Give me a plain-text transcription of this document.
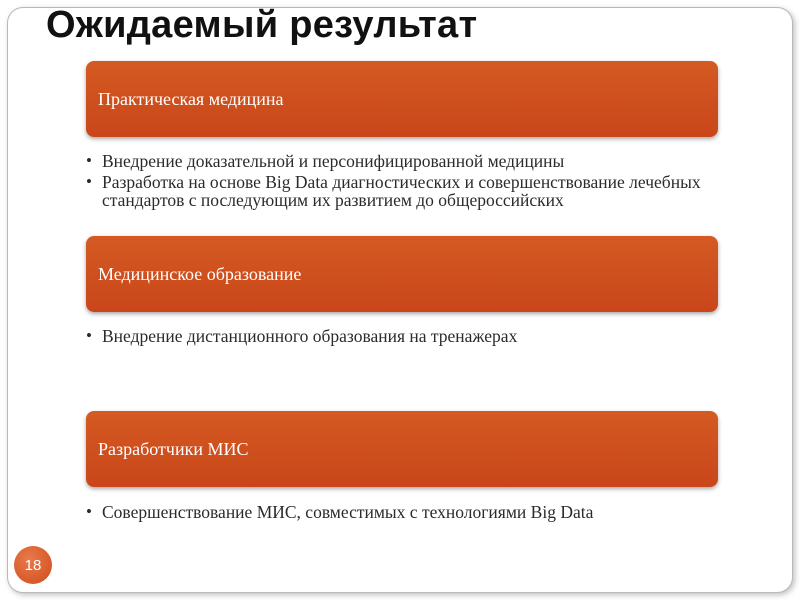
Ожидаемый результат
Практическая медицина
• Внедрение доказательной и персонифицированной медицины
• Разработка на основе Big Data диагностических и совершенствование лечебных стандартов с последующим их развитием до общероссийских
Медицинское образование
• Внедрение дистанционного образования на тренажерах
Разработчики МИС
• Совершенствование МИС, совместимых с технологиями Big Data
18
